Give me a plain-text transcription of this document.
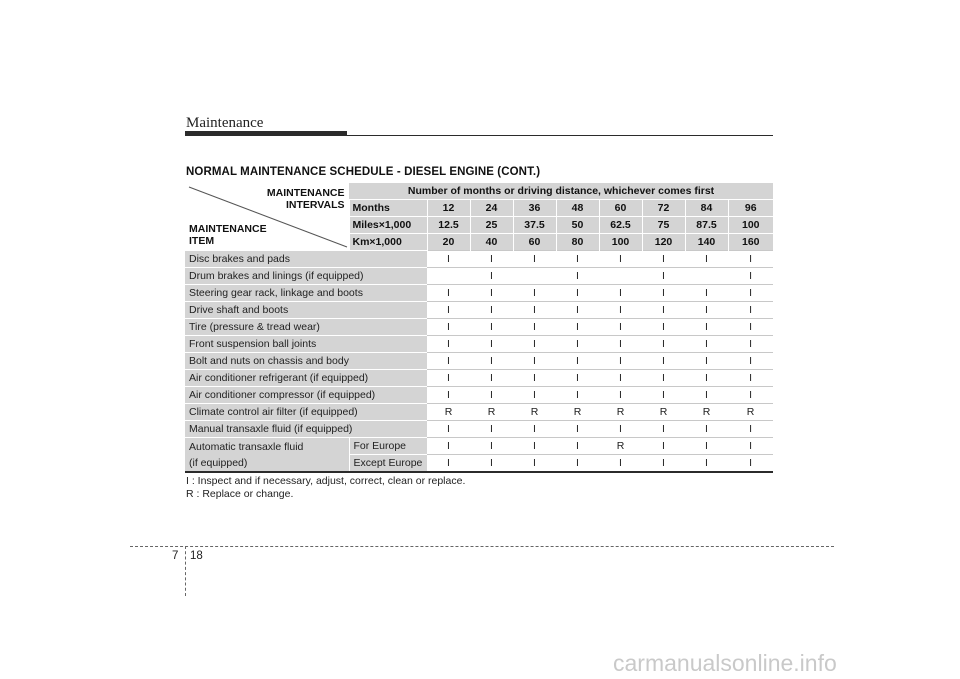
Maintenance
NORMAL MAINTENANCE SCHEDULE - DIESEL ENGINE (CONT.)
MAINTENANCE
INTERVALS
MAINTENANCE
ITEM	Number of months or driving distance, whichever comes first								
	Months	12	24	36	48	60	72	84	96
	Miles×1,000	12.5	25	37.5	50	62.5	75	87.5	100
	Km×1,000	20	40	60	80	100	120	140	160
Disc brakes and pads		I	I	I	I	I	I	I	I
Drum brakes and linings (if equipped)			I		I		I		I
Steering gear rack, linkage and boots		I	I	I	I	I	I	I	I
Drive shaft and boots		I	I	I	I	I	I	I	I
Tire (pressure & tread wear)		I	I	I	I	I	I	I	I
Front suspension ball joints		I	I	I	I	I	I	I	I
Bolt and nuts on chassis and body		I	I	I	I	I	I	I	I
Air conditioner refrigerant (if equipped)		I	I	I	I	I	I	I	I
Air conditioner compressor (if equipped)		I	I	I	I	I	I	I	I
Climate control air filter (if equipped)		R	R	R	R	R	R	R	R
Manual transaxle fluid (if equipped)		I	I	I	I	I	I	I	I

Automatic transaxle fluid
(if equipped)	For Europe	I	I	I	I	R	I	I	I
	Except Europe	I	I	I	I	I	I	I	I
I : Inspect and if necessary, adjust, correct, clean or replace.
R : Replace or change.
7 18
carmanualsonline.info
